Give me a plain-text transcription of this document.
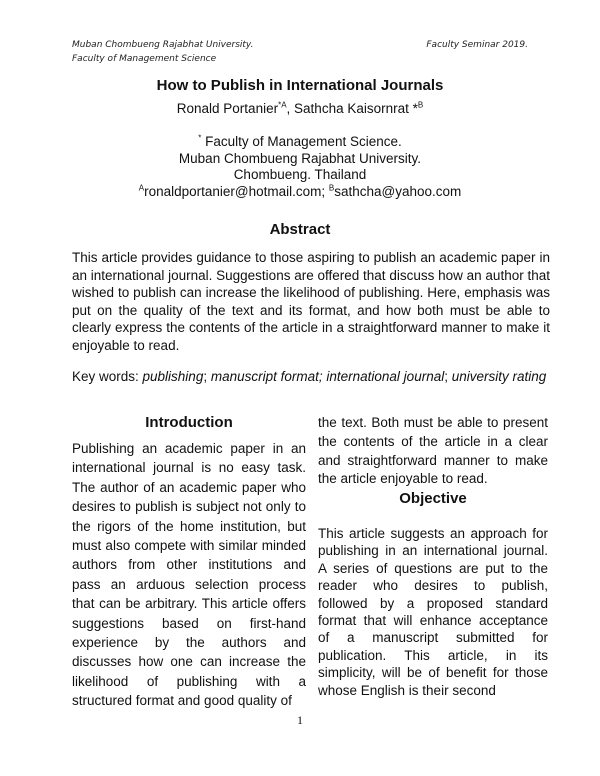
Muban Chombueng Rajabhat University.
Faculty of Management Science
Faculty Seminar 2019.
How to Publish in International Journals
Ronald Portanier$^{*A}$, Sathcha Kaisornrat *$^B$
* Faculty of Management Science.
Muban Chombueng Rajabhat University.
Chombueng. Thailand
$^A$ronaldportanier@hotmail.com; $^B$sathcha@yahoo.com
Abstract
This article provides guidance to those aspiring to publish an academic paper in an international journal. Suggestions are offered that discuss how an author that wished to publish can increase the likelihood of publishing. Here, emphasis was put on the quality of the text and its format, and how both must be able to clearly express the contents of the article in a straightforward manner to make it enjoyable to read.
Key words: publishing; manuscript format; international journal; university rating
Introduction
Publishing an academic paper in an international journal is no easy task. The author of an academic paper who desires to publish is subject not only to the rigors of the home institution, but must also compete with similar minded authors from other institutions and pass an arduous selection process that can be arbitrary. This article offers suggestions based on first-hand experience by the authors and discusses how one can increase the likelihood of publishing with a structured format and good quality of
the text. Both must be able to present the contents of the article in a clear and straightforward manner to make the article enjoyable to read.
Objective
This article suggests an approach for publishing in an international journal. A series of questions are put to the reader who desires to publish, followed by a proposed standard format that will enhance acceptance of a manuscript submitted for publication. This article, in its simplicity, will be of benefit for those whose English is their second
1
